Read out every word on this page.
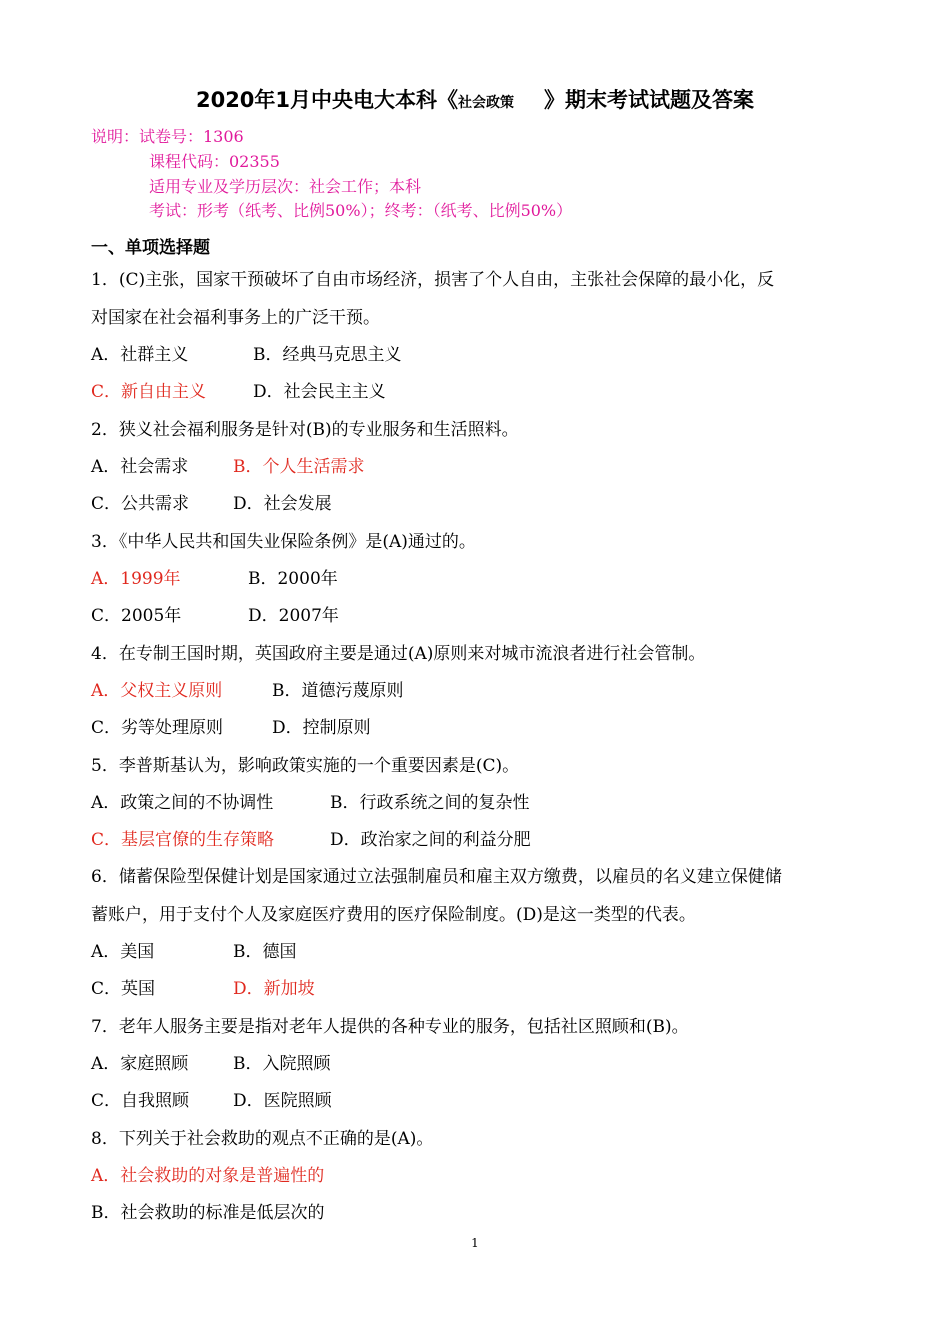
2020年1月中央电大本科《社会政策 》期末考试试题及答案
说明：试卷号：1306
课程代码：02355
适用专业及学历层次：社会工作；本科
考试：形考（纸考、比例50%）；终考：（纸考、比例50%）
一、单项选择题
1．(C)主张，国家干预破坏了自由市场经济，损害了个人自由，主张社会保障的最小化，反
对国家在社会福利事务上的广泛干预。
A．社群主义	B．经典马克思主义
C．新自由主义	D．社会民主主义
2．狭义社会福利服务是针对(B)的专业服务和生活照料。
A．社会需求	B．个人生活需求
C．公共需求	D．社会发展
3．《中华人民共和国失业保险条例》是(A)通过的。
A．1999年	B．2000年
C．2005年	D．2007年
4．在专制王国时期，英国政府主要是通过(A)原则来对城市流浪者进行社会管制。
A．父权主义原则	B．道德污蔑原则
C．劣等处理原则	D．控制原则
5．李普斯基认为，影响政策实施的一个重要因素是(C)。
A．政策之间的不协调性	B．行政系统之间的复杂性
C．基层官僚的生存策略	D．政治家之间的利益分肥
6．储蓄保险型保健计划是国家通过立法强制雇员和雇主双方缴费，以雇员的名义建立保健储
蓄账户，用于支付个人及家庭医疗费用的医疗保险制度。(D)是这一类型的代表。
A．美国	B．德国
C．英国	D．新加坡
7．老年人服务主要是指对老年人提供的各种专业的服务，包括社区照顾和(B)。
A．家庭照顾	B．入院照顾
C．自我照顾	D．医院照顾
8．下列关于社会救助的观点不正确的是(A)。
A．社会救助的对象是普遍性的
B．社会救助的标准是低层次的
1
